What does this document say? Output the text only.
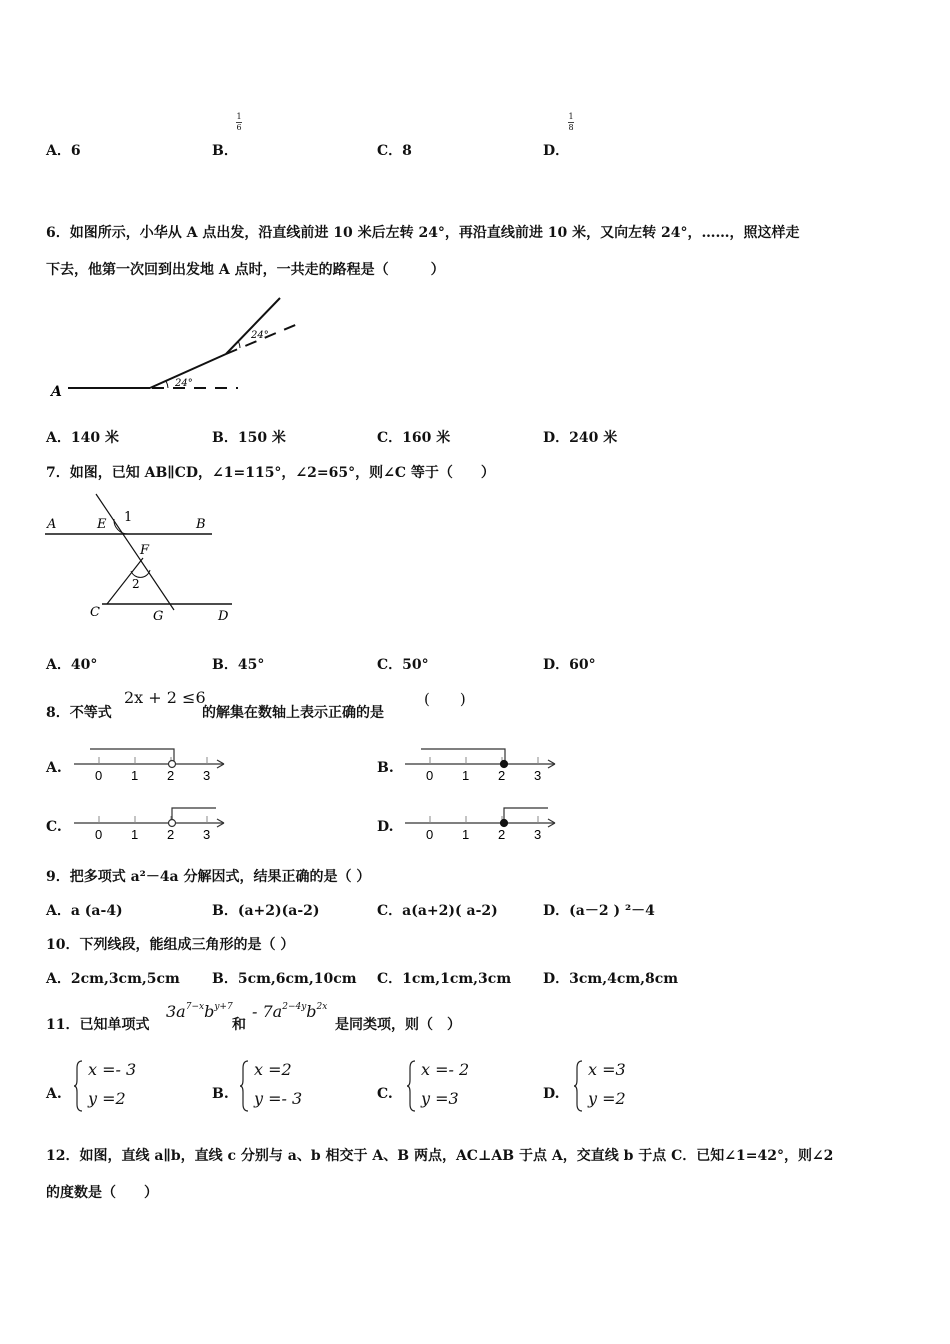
A．6	B．
1
6
C．8	D．
1
8
6．如图所示，小华从 A 点出发，沿直线前进 10 米后左转 24°，再沿直线前进 10 米，又向左转 24°，……，照这样走
下去，他第一次回到出发地 A 点时，一共走的路程是（　　　）
A
24°
24°
A．140 米	B．150 米	C．160 米	D．240 米
7．如图，已知 AB∥CD，∠1=115°，∠2=65°，则∠C 等于（　　）
A	E 1	B
F
2
C	G	D
A．40°	B．45°	C．50°	D．60°
8．不等式
2x + 2 ≤6
的解集在数轴上表示正确的是
(　　)
A.	B.
C.	D.
0 1 2 3	0 1 2 3
0 1 2 3	0 1 2 3
9．把多项式 a²－4a 分解因式，结果正确的是（ ）
A．a (a-4)	B．(a+2)(a-2)	C．a(a+2)( a-2)	D．(a－2 ) ²－4
10．下列线段，能组成三角形的是（ ）
A．2cm,3cm,5cm B．5cm,6cm,10cm C．1cm,1cm,3cm D．3cm,4cm,8cm
11．已知单项式
$3a^{7-x}b^{y+7}$
和
- $7a^{2-4y}b^{2x}$
是同类项，则（　）
A.
x =- 3
y =2	B.
x =2
y =- 3	C.
x =- 2
y =3	D.
x =3
y =2
12．如图，直线 a∥b，直线 c 分别与 a、b 相交于 A、B 两点，AC⊥AB 于点 A，交直线 b 于点 C．已知∠1=42°，则∠2
的度数是（　　）
